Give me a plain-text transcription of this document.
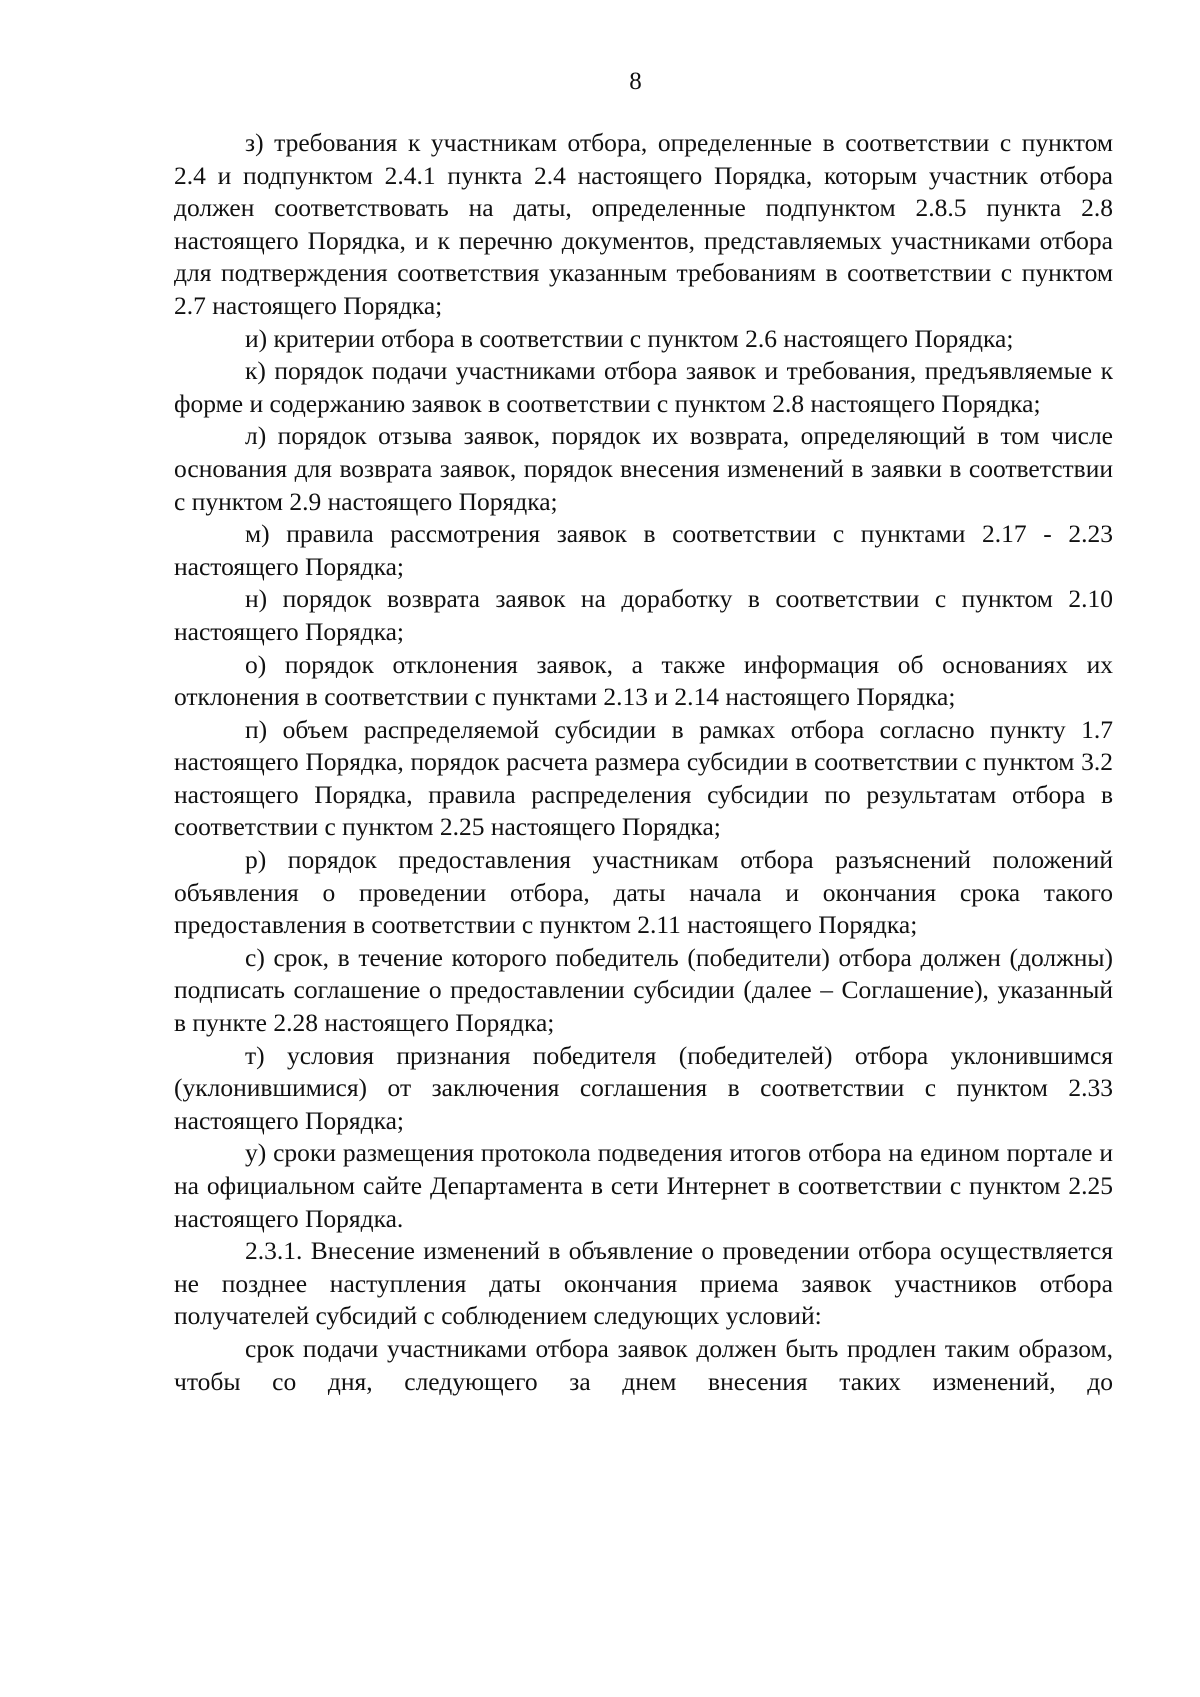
8

з) требования к участникам отбора, определенные в соответствии с пунктом 2.4 и подпунктом 2.4.1 пункта 2.4 настоящего Порядка, которым участник отбора должен соответствовать на даты, определенные подпунктом 2.8.5 пункта 2.8 настоящего Порядка, и к перечню документов, представляемых участниками отбора для подтверждения соответствия указанным требованиям в соответствии с пунктом 2.7 настоящего Порядка;

и) критерии отбора в соответствии с пунктом 2.6 настоящего Порядка;

к) порядок подачи участниками отбора заявок и требования, предъявляемые к форме и содержанию заявок в соответствии с пунктом 2.8 настоящего Порядка;

л) порядок отзыва заявок, порядок их возврата, определяющий в том числе основания для возврата заявок, порядок внесения изменений в заявки в соответствии с пунктом 2.9 настоящего Порядка;

м) правила рассмотрения заявок в соответствии с пунктами 2.17 - 2.23 настоящего Порядка;

н) порядок возврата заявок на доработку в соответствии с пунктом 2.10 настоящего Порядка;

о) порядок отклонения заявок, а также информация об основаниях их отклонения в соответствии с пунктами 2.13 и 2.14 настоящего Порядка;

п) объем распределяемой субсидии в рамках отбора согласно пункту 1.7 настоящего Порядка, порядок расчета размера субсидии в соответствии с пунктом 3.2 настоящего Порядка, правила распределения субсидии по результатам отбора в соответствии с пунктом 2.25 настоящего Порядка;

р) порядок предоставления участникам отбора разъяснений положений объявления о проведении отбора, даты начала и окончания срока такого предоставления в соответствии с пунктом 2.11 настоящего Порядка;

с) срок, в течение которого победитель (победители) отбора должен (должны) подписать соглашение о предоставлении субсидии (далее – Соглашение), указанный в пункте 2.28 настоящего Порядка;

т) условия признания победителя (победителей) отбора уклонившимся (уклонившимися) от заключения соглашения в соответствии с пунктом 2.33 настоящего Порядка;

у) сроки размещения протокола подведения итогов отбора на едином портале и на официальном сайте Департамента в сети Интернет в соответствии с пунктом 2.25 настоящего Порядка.

2.3.1. Внесение изменений в объявление о проведении отбора осуществляется не позднее наступления даты окончания приема заявок участников отбора получателей субсидий с соблюдением следующих условий:

срок подачи участниками отбора заявок должен быть продлен таким образом, чтобы со дня, следующего за днем внесения таких изменений, до
